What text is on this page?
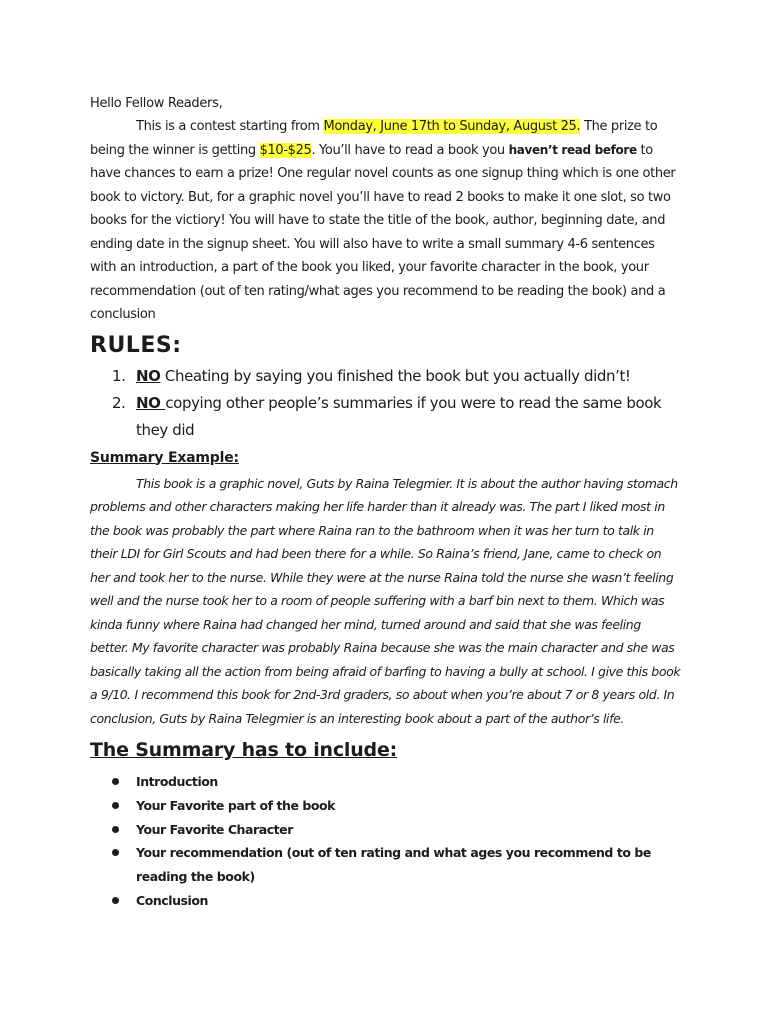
Hello Fellow Readers,

This is a contest starting from Monday, June 17th to Sunday, August 25. The prize to being the winner is getting $10-$25. You’ll have to read a book you haven’t read before to have chances to earn a prize! One regular novel counts as one signup thing which is one other book to victory. But, for a graphic novel you’ll have to read 2 books to make it one slot, so two books for the victiory! You will have to state the title of the book, author, beginning date, and ending date in the signup sheet. You will also have to write a small summary 4-6 sentences with an introduction, a part of the book you liked, your favorite character in the book, your recommendation (out of ten rating/what ages you recommend to be reading the book) and a conclusion

RULES:
1. NO Cheating by saying you finished the book but you actually didn’t!
2. NO copying other people’s summaries if you were to read the same book they did
Summary Example:

This book is a graphic novel, Guts by Raina Telegmier. It is about the author having stomach problems and other characters making her life harder than it already was. The part I liked most in the book was probably the part where Raina ran to the bathroom when it was her turn to talk in their LDI for Girl Scouts and had been there for a while. So Raina’s friend, Jane, came to check on her and took her to the nurse. While they were at the nurse Raina told the nurse she wasn’t feeling well and the nurse took her to a room of people suffering with a barf bin next to them. Which was kinda funny where Raina had changed her mind, turned around and said that she was feeling better. My favorite character was probably Raina because she was the main character and she was basically taking all the action from being afraid of barfing to having a bully at school. I give this book a 9/10. I recommend this book for 2nd-3rd graders, so about when you’re about 7 or 8 years old. In conclusion, Guts by Raina Telegmier is an interesting book about a part of the author’s life.

The Summary has to include:
Introduction
Your Favorite part of the book
Your Favorite Character
Your recommendation (out of ten rating and what ages you recommend to be reading the book)
Conclusion
